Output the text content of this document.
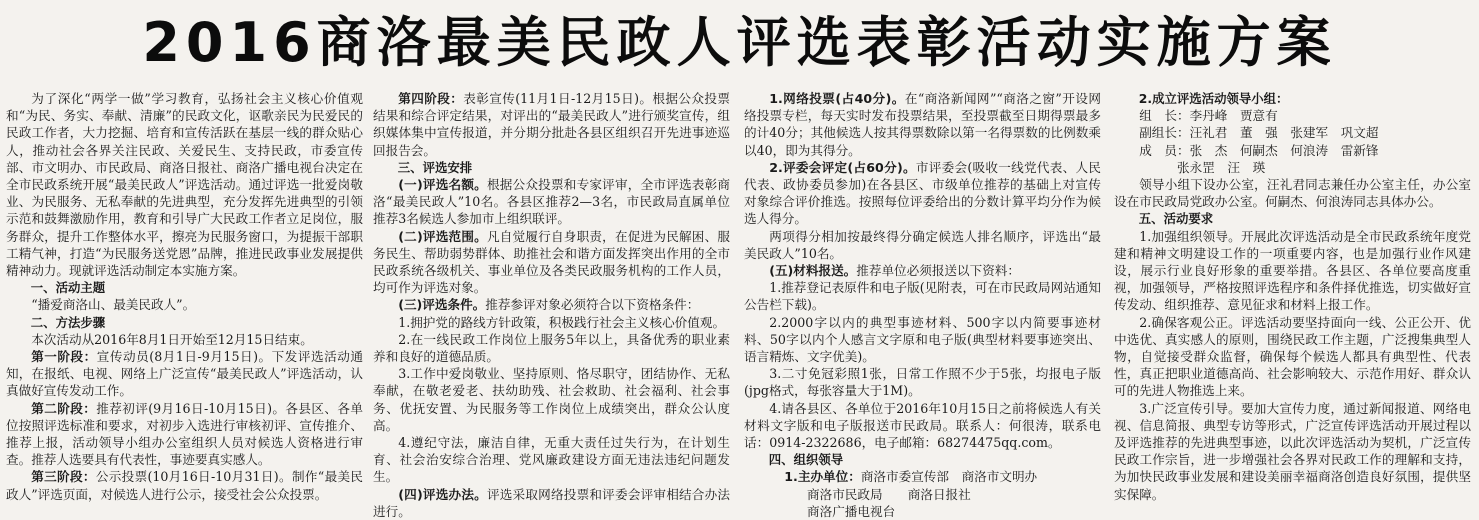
2016商洛最美民政人评选表彰活动实施方案

为了深化“两学一做”学习教育，弘扬社会主义核心价值观和“为民、务实、奉献、清廉”的民政文化，讴歌亲民为民爱民的民政工作者，大力挖掘、培育和宣传活跃在基层一线的群众贴心人，推动社会各界关注民政、关爱民生、支持民政，市委宣传部、市文明办、市民政局、商洛日报社、商洛广播电视台决定在全市民政系统开展“最美民政人”评选活动。通过评选一批爱岗敬业、为民服务、无私奉献的先进典型，充分发挥先进典型的引领示范和鼓舞激励作用，教育和引导广大民政工作者立足岗位，服务群众，提升工作整体水平，擦亮为民服务窗口，为提振干部职工精气神，打造“为民服务送党恩”品牌，推进民政事业发展提供精神动力。现就评选活动制定本实施方案。

一、活动主题

“播爱商洛山、最美民政人”。

二、方法步骤

本次活动从2016年8月1日开始至12月15日结束。

第一阶段：宣传动员(8月1日-9月15日)。下发评选活动通知，在报纸、电视、网络上广泛宣传“最美民政人”评选活动，认真做好宣传发动工作。

第二阶段：推荐初评(9月16日-10月15日)。各县区、各单位按照评选标准和要求，对初步入选进行审核初评、宣传推介、推荐上报，活动领导小组办公室组织人员对候选人资格进行审查。推荐人选要具有代表性，事迹要真实感人。

第三阶段：公示投票(10月16日-10月31日)。制作“最美民政人”评选页面，对候选人进行公示，接受社会公众投票。

第四阶段：表彰宣传(11月1日-12月15日)。根据公众投票结果和综合评定结果，对评出的“最美民政人”进行颁奖宣传，组织媒体集中宣传报道，并分期分批赴各县区组织召开先进事迹巡回报告会。

三、评选安排

(一)评选名额。根据公众投票和专家评审，全市评选表彰商洛“最美民政人”10名。各县区推荐2—3名，市民政局直属单位推荐3名候选人参加市上组织联评。

(二)评选范围。凡自觉履行自身职责，在促进为民解困、服务民生、帮助弱势群体、助推社会和谐方面发挥突出作用的全市民政系统各级机关、事业单位及各类民政服务机构的工作人员，均可作为评选对象。

(三)评选条件。推荐参评对象必须符合以下资格条件：

1.拥护党的路线方针政策，积极践行社会主义核心价值观。

2.在一线民政工作岗位上服务5年以上，具备优秀的职业素养和良好的道德品质。

3.工作中爱岗敬业、坚持原则、恪尽职守，团结协作、无私奉献，在敬老爱老、扶幼助残、社会救助、社会福利、社会事务、优抚安置、为民服务等工作岗位上成绩突出，群众公认度高。

4.遵纪守法，廉洁自律，无重大责任过失行为，在计划生育、社会治安综合治理、党风廉政建设方面无违法违纪问题发生。

(四)评选办法。评选采取网络投票和评委会评审相结合办法进行。

1.网络投票(占40分)。在“商洛新闻网”“商洛之窗”开设网络投票专栏，每天实时发布投票结果，至投票截至日期得票最多的计40分；其他候选人按其得票数除以第一名得票数的比例数乘以40，即为其得分。

2.评委会评定(占60分)。市评委会(吸收一线党代表、人民代表、政协委员参加)在各县区、市级单位推荐的基础上对宣传对象综合评价推选。按照每位评委给出的分数计算平均分作为候选人得分。

两项得分相加按最终得分确定候选人排名顺序，评选出“最美民政人”10名。

(五)材料报送。推荐单位必须报送以下资料：

1.推荐登记表原件和电子版(见附表，可在市民政局网站通知公告栏下载)。

2.2000字以内的典型事迹材料、500字以内简要事迹材料、50字以内个人感言文字原和电子版(典型材料要事迹突出、语言精炼、文字优美)。

3.二寸免冠彩照1张，日常工作照不少于5张，均报电子版(jpg格式，每张容量大于1M)。

4.请各县区、各单位于2016年10月15日之前将候选人有关材料文字版和电子版报送市民政局。联系人：何很涛，联系电话：0914-2322686，电子邮箱：68274475qq.com。

四、组织领导

1.主办单位：商洛市委宣传部　商洛市文明办

商洛市民政局　　商洛日报社

商洛广播电视台

2.成立评选活动领导小组：

组　长：李丹峰　贾意有

副组长：汪礼君　董　强　张建军　巩文超

成　员：张　杰　何嗣杰　何浪涛　雷新锋

张永罡　汪　瑛

领导小组下设办公室，汪礼君同志兼任办公室主任，办公室设在市民政局党政办公室。何嗣杰、何浪涛同志具体办公。

五、活动要求

1.加强组织领导。开展此次评选活动是全市民政系统年度党建和精神文明建设工作的一项重要内容，也是加强行业作风建设，展示行业良好形象的重要举措。各县区、各单位要高度重视，加强领导，严格按照评选程序和条件择优推选，切实做好宣传发动、组织推荐、意见征求和材料上报工作。

2.确保客观公正。评选活动要坚持面向一线、公正公开、优中选优、真实感人的原则，围绕民政工作主题，广泛搜集典型人物，自觉接受群众监督，确保每个候选人都具有典型性、代表性，真正把职业道德高尚、社会影响较大、示范作用好、群众认可的先进人物推选上来。

3.广泛宣传引导。要加大宣传力度，通过新闻报道、网络电视、信息简报、典型专访等形式，广泛宣传评选活动开展过程以及评选推荐的先进典型事迹，以此次评选活动为契机，广泛宣传民政工作宗旨，进一步增强社会各界对民政工作的理解和支持，为加快民政事业发展和建设美丽幸福商洛创造良好氛围，提供坚实保障。
